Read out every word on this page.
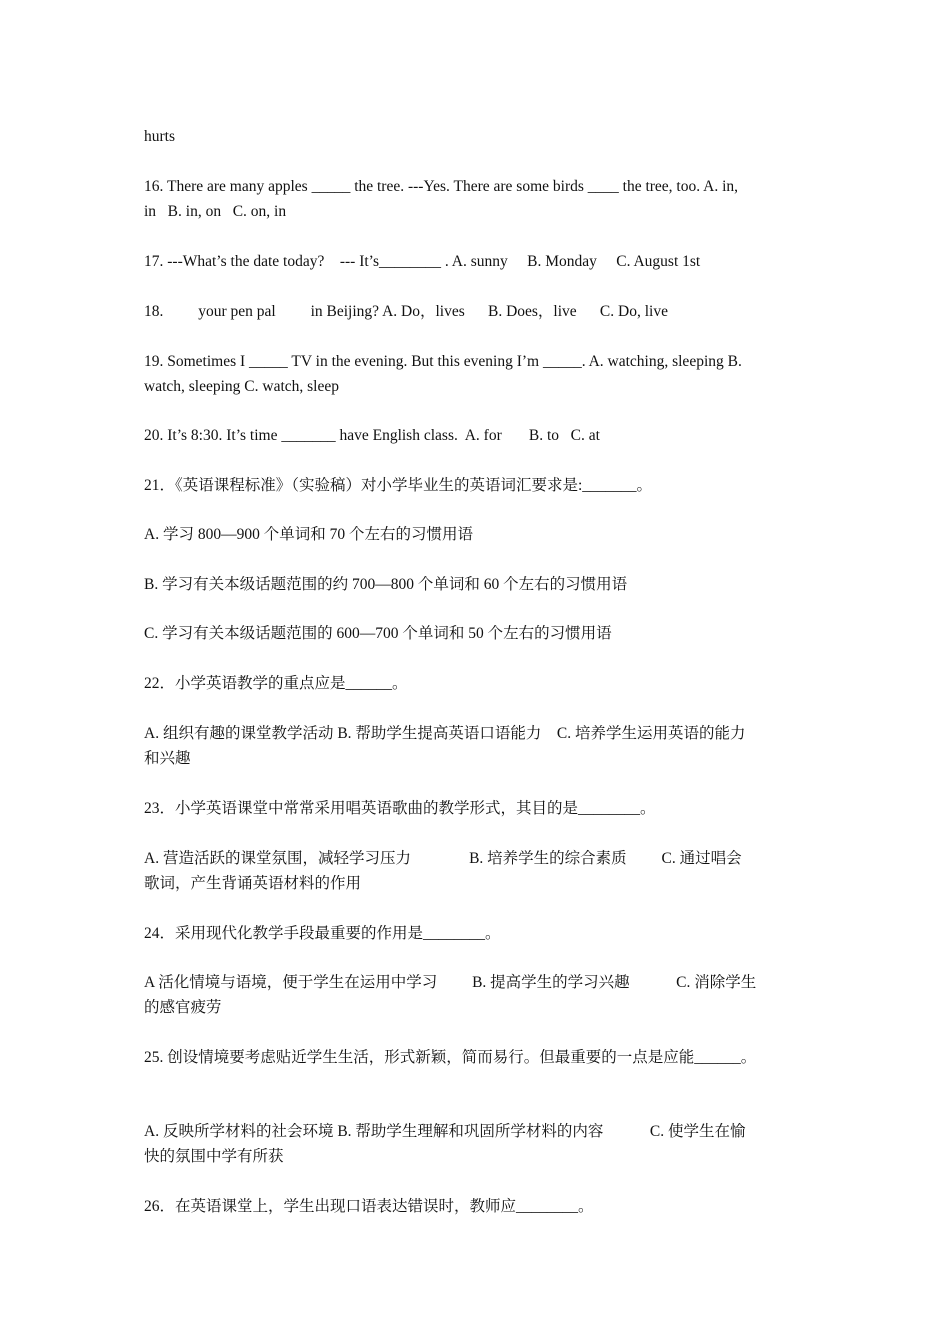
hurts

16. There are many apples _____ the tree. ---Yes. There are some birds ____ the tree, too. A. in,
in   B. in, on   C. on, in

17. ---What’s the date today?    --- It’s________ . A. sunny     B. Monday     C. August 1st

18.         your pen pal         in Beijing? A. Do，lives      B. Does，live      C. Do, live

19. Sometimes I _____ TV in the evening. But this evening I’m _____. A. watching, sleeping B.
watch, sleeping C. watch, sleep

20. It’s 8:30. It’s time _______ have English class.  A. for       B. to   C. at

21．《英语课程标准》（实验稿）对小学毕业生的英语词汇要求是:_______。

A. 学习 800—900 个单词和 70 个左右的习惯用语

B. 学习有关本级话题范围的约 700—800 个单词和 60 个左右的习惯用语

C. 学习有关本级话题范围的 600—700 个单词和 50 个左右的习惯用语

22．小学英语教学的重点应是______。

A. 组织有趣的课堂教学活动 B. 帮助学生提高英语口语能力    C. 培养学生运用英语的能力
和兴趣

23．小学英语课堂中常常采用唱英语歌曲的教学形式，其目的是________。

A. 营造活跃的课堂氛围，减轻学习压力               B. 培养学生的综合素质         C. 通过唱会
歌词，产生背诵英语材料的作用

24．采用现代化教学手段最重要的作用是________。

A 活化情境与语境，便于学生在运用中学习         B. 提高学生的学习兴趣            C. 消除学生
的感官疲劳

25. 创设情境要考虑贴近学生生活，形式新颖，简而易行。但最重要的一点是应能______。

A. 反映所学材料的社会环境 B. 帮助学生理解和巩固所学材料的内容            C. 使学生在愉
快的氛围中学有所获

26．在英语课堂上，学生出现口语表达错误时，教师应________。
